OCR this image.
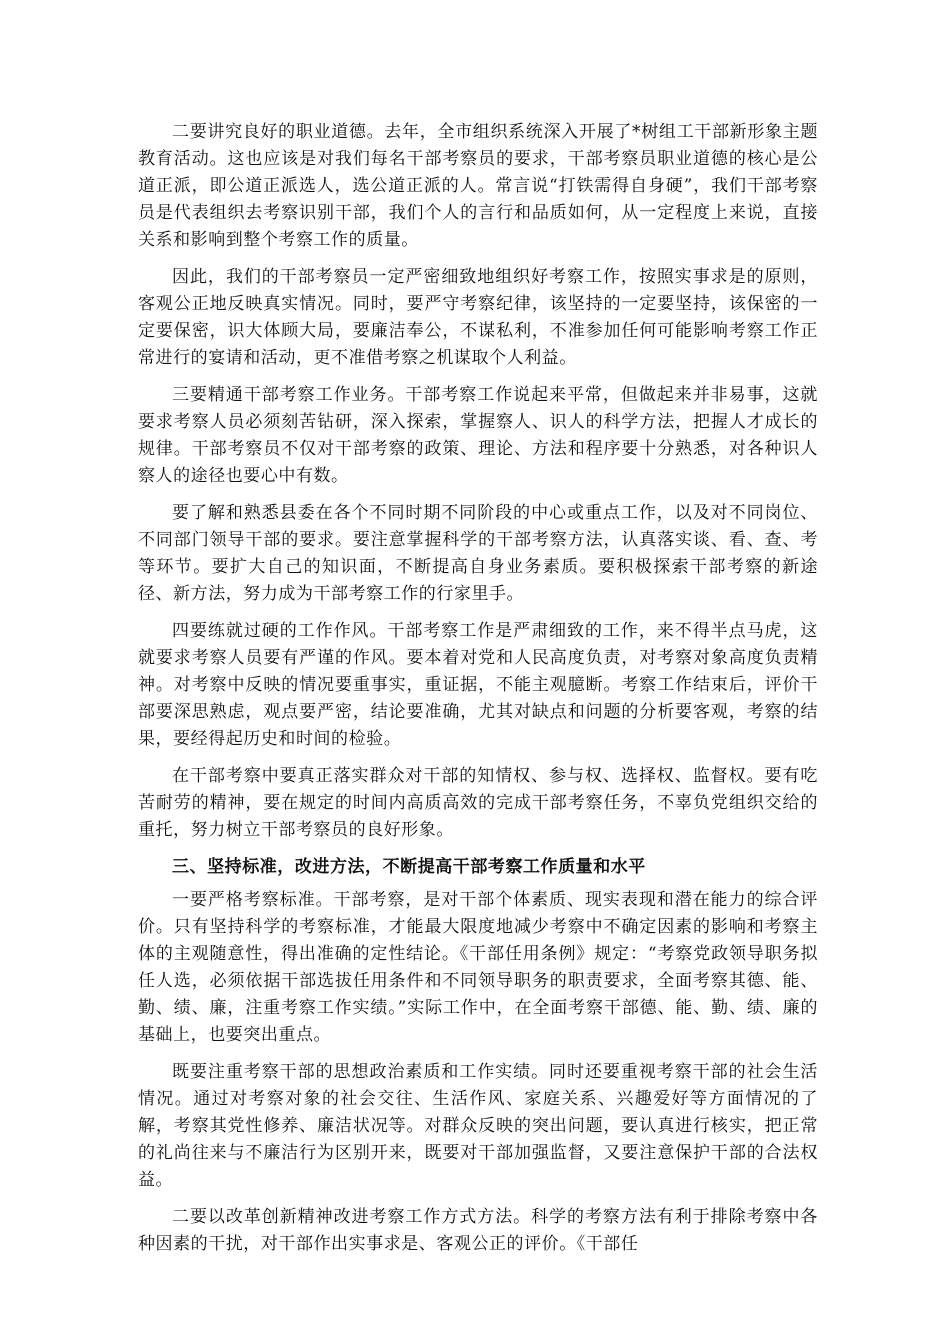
二要讲究良好的职业道德。去年，全市组织系统深入开展了*树组工干部新形象主题教育活动。这也应该是对我们每名干部考察员的要求，干部考察员职业道德的核心是公道正派，即公道正派选人，选公道正派的人。常言说“打铁需得自身硬”，我们干部考察员是代表组织去考察识别干部，我们个人的言行和品质如何，从一定程度上来说，直接关系和影响到整个考察工作的质量。

因此，我们的干部考察员一定严密细致地组织好考察工作，按照实事求是的原则，客观公正地反映真实情况。同时，要严守考察纪律，该坚持的一定要坚持，该保密的一定要保密，识大体顾大局，要廉洁奉公，不谋私利，不准参加任何可能影响考察工作正常进行的宴请和活动，更不准借考察之机谋取个人利益。

三要精通干部考察工作业务。干部考察工作说起来平常，但做起来并非易事，这就要求考察人员必须刻苦钻研，深入探索，掌握察人、识人的科学方法，把握人才成长的规律。干部考察员不仅对干部考察的政策、理论、方法和程序要十分熟悉，对各种识人察人的途径也要心中有数。

要了解和熟悉县委在各个不同时期不同阶段的中心或重点工作，以及对不同岗位、不同部门领导干部的要求。要注意掌握科学的干部考察方法，认真落实谈、看、查、考等环节。要扩大自己的知识面，不断提高自身业务素质。要积极探索干部考察的新途径、新方法，努力成为干部考察工作的行家里手。

四要练就过硬的工作作风。干部考察工作是严肃细致的工作，来不得半点马虎，这就要求考察人员要有严谨的作风。要本着对党和人民高度负责，对考察对象高度负责精神。对考察中反映的情况要重事实，重证据，不能主观臆断。考察工作结束后，评价干部要深思熟虑，观点要严密，结论要准确，尤其对缺点和问题的分析要客观，考察的结果，要经得起历史和时间的检验。

在干部考察中要真正落实群众对干部的知情权、参与权、选择权、监督权。要有吃苦耐劳的精神，要在规定的时间内高质高效的完成干部考察任务，不辜负党组织交给的重托，努力树立干部考察员的良好形象。

三、坚持标准，改进方法，不断提高干部考察工作质量和水平

一要严格考察标准。干部考察，是对干部个体素质、现实表现和潜在能力的综合评价。只有坚持科学的考察标准，才能最大限度地减少考察中不确定因素的影响和考察主体的主观随意性，得出准确的定性结论。《干部任用条例》规定：“考察党政领导职务拟任人选，必须依据干部选拔任用条件和不同领导职务的职责要求，全面考察其德、能、勤、绩、廉，注重考察工作实绩。”实际工作中，在全面考察干部德、能、勤、绩、廉的基础上，也要突出重点。

既要注重考察干部的思想政治素质和工作实绩。同时还要重视考察干部的社会生活情况。通过对考察对象的社会交往、生活作风、家庭关系、兴趣爱好等方面情况的了解，考察其党性修养、廉洁状况等。对群众反映的突出问题，要认真进行核实，把正常的礼尚往来与不廉洁行为区别开来，既要对干部加强监督，又要注意保护干部的合法权益。

二要以改革创新精神改进考察工作方式方法。科学的考察方法有利于排除考察中各种因素的干扰，对干部作出实事求是、客观公正的评价。《干部任
